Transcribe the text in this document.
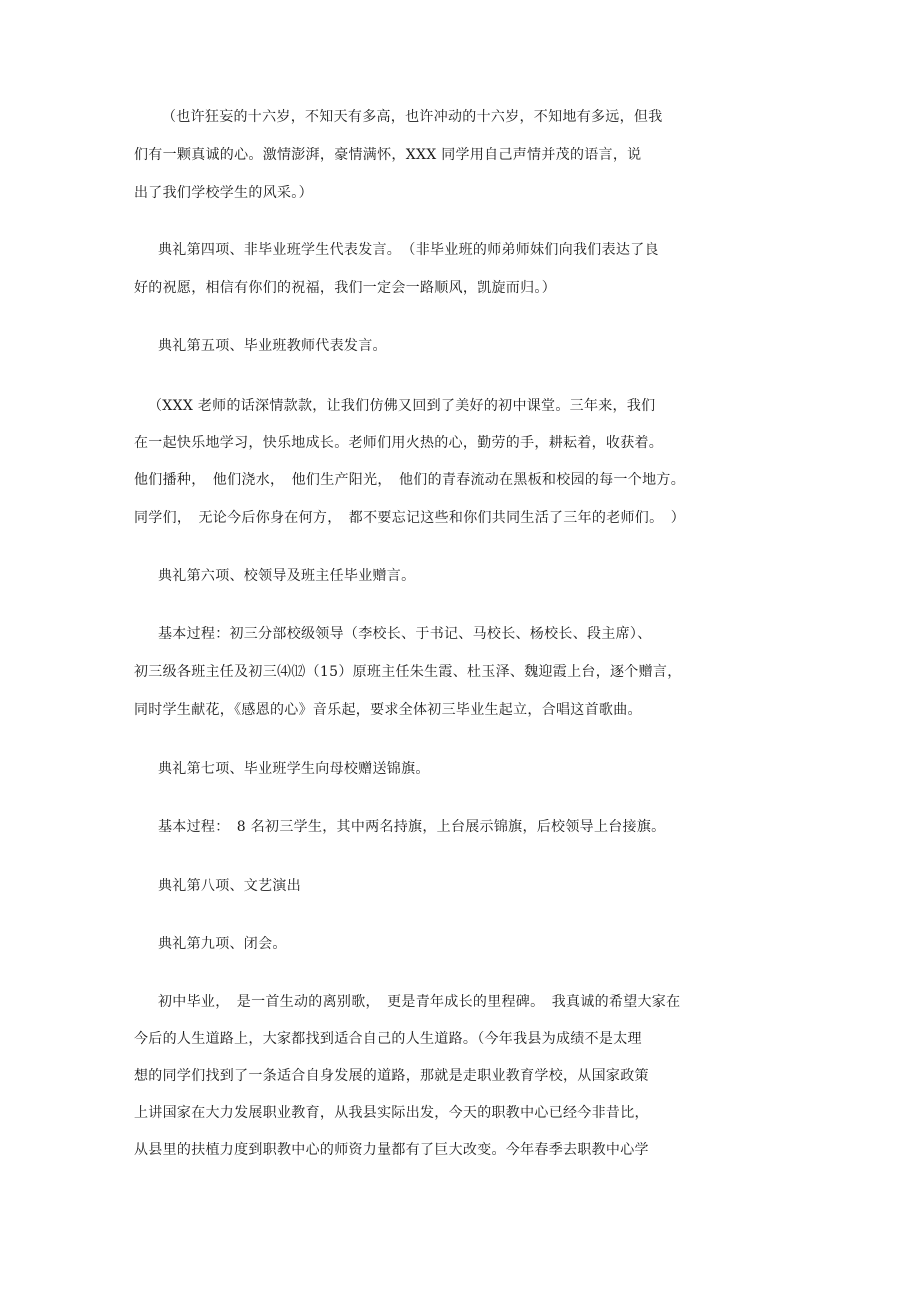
（也许狂妄的十六岁，不知天有多高，也许冲动的十六岁，不知地有多远，但我
们有一颗真诚的心。激情澎湃，豪情满怀，XXX 同学用自己声情并茂的语言，说
出了我们学校学生的风采。）
典礼第四项、非毕业班学生代表发言。　（非毕业班的师弟师妹们向我们表达了良
好的祝愿，相信有你们的祝福，我们一定会一路顺风，凯旋而归。）
典礼第五项、毕业班教师代表发言。
（XXX 老师的话深情款款，让我们仿佛又回到了美好的初中课堂。三年来，我们
在一起快乐地学习，快乐地成长。老师们用火热的心，勤劳的手，耕耘着，收获着。
他们播种，　他们浇水，　他们生产阳光，　他们的青春流动在黑板和校园的每一个地方。
同学们，　无论今后你身在何方，　都不要忘记这些和你们共同生活了三年的老师们。　）
典礼第六项、校领导及班主任毕业赠言。
基本过程：初三分部校级领导（李校长、于书记、马校长、杨校长、段主席）、
初三级各班主任及初三⑷⑿（15）原班主任朱生霞、杜玉泽、魏迎霞上台，逐个赠言，
同时学生献花，《感恩的心》音乐起，要求全体初三毕业生起立，合唱这首歌曲。
典礼第七项、毕业班学生向母校赠送锦旗。
基本过程：　8 名初三学生，其中两名持旗，上台展示锦旗，后校领导上台接旗。
典礼第八项、文艺演出
典礼第九项、闭会。
初中毕业，　是一首生动的离别歌，　更是青年成长的里程碑。　我真诚的希望大家在
今后的人生道路上，大家都找到适合自己的人生道路。（今年我县为成绩不是太理
想的同学们找到了一条适合自身发展的道路，那就是走职业教育学校，从国家政策
上讲国家在大力发展职业教育，从我县实际出发，今天的职教中心已经今非昔比，
从县里的扶植力度到职教中心的师资力量都有了巨大改变。今年春季去职教中心学
